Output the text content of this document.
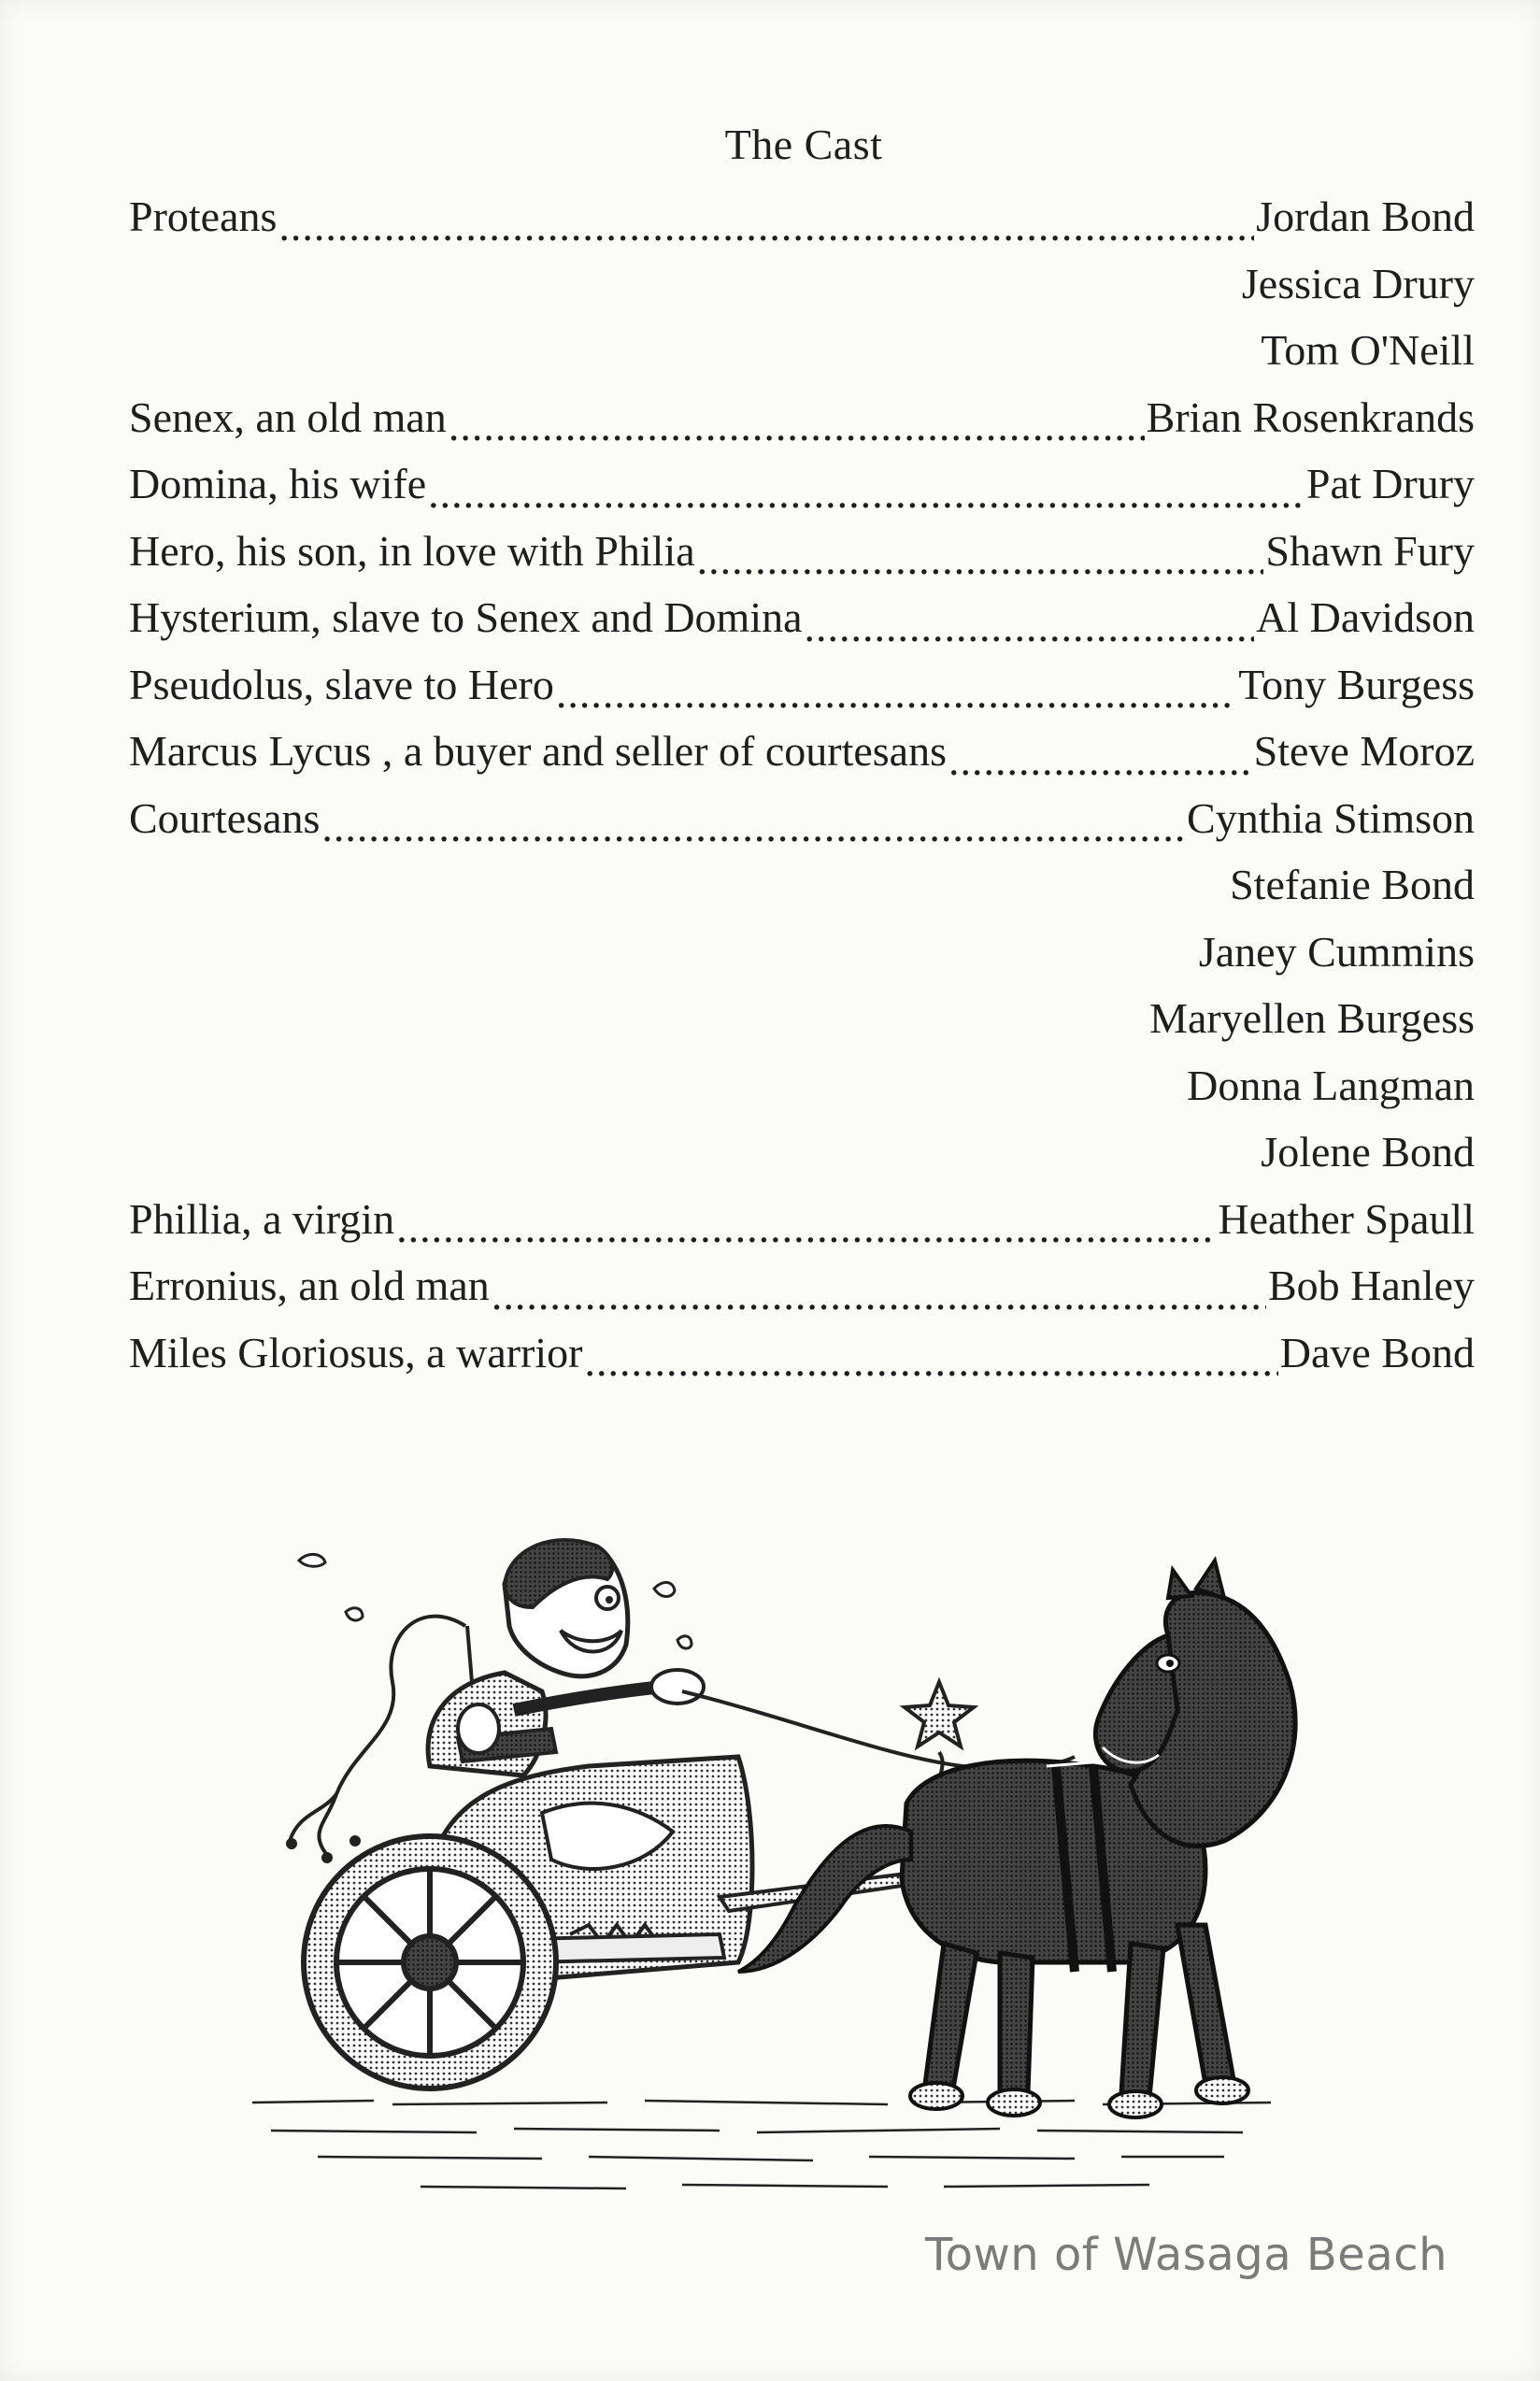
The Cast
Proteans .....	Jordan Bond
Jessica Drury
Tom O'Neill
Senex, an old man .....	Brian Rosenkrands
Domina, his wife .....	Pat Drury
Hero, his son, in love with Philia .....	Shawn Fury
Hysterium, slave to Senex and Domina .....	Al Davidson
Pseudolus, slave to Hero .....	Tony Burgess
Marcus Lycus , a buyer and seller of courtesans .....	Steve Moroz
Courtesans .....	Cynthia Stimson
Stefanie Bond
Janey Cummins
Maryellen Burgess
Donna Langman
Jolene Bond
Phillia, a virgin .....	Heather Spaull
Erronius, an old man .....	Bob Hanley
Miles Gloriosus, a warrior .....	Dave Bond
Town of Wasaga Beach
